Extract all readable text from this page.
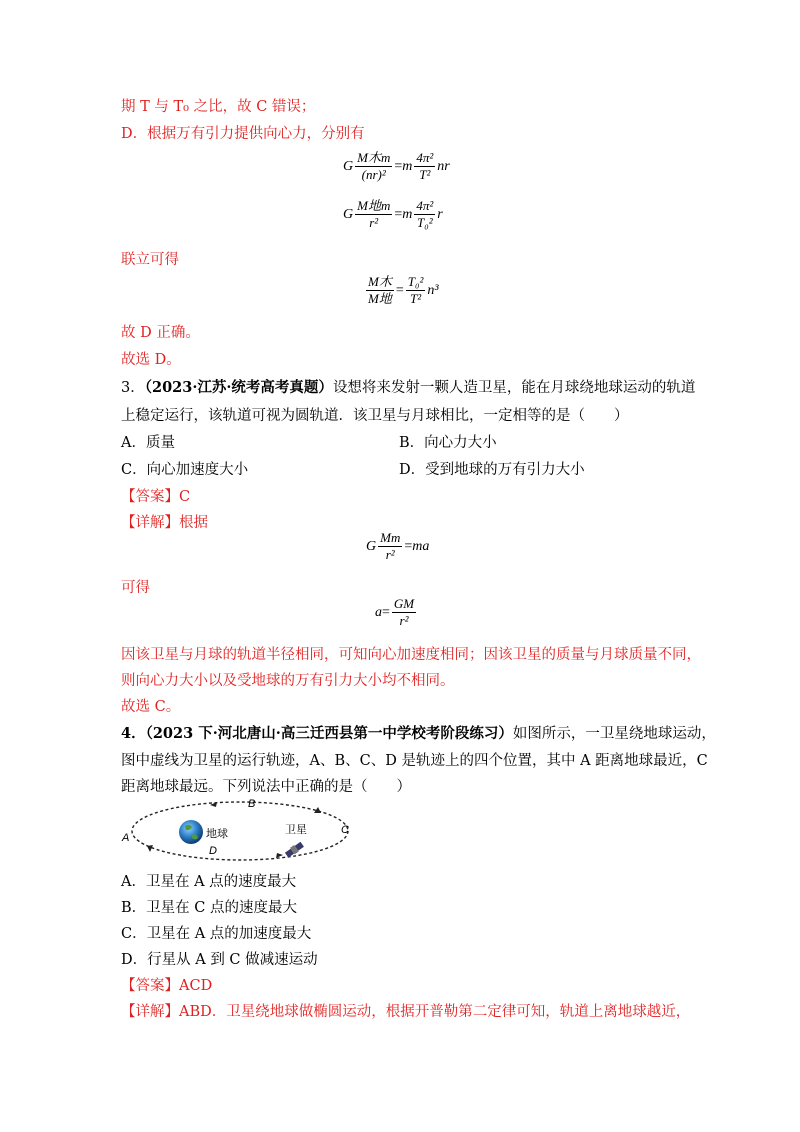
期 T 与 T₀ 之比，故 C 错误；
D．根据万有引力提供向心力，分别有
G $\frac{\text{M木m}}{\text{(nr)²}} =m \frac{\text{4π²}}{\text{T²}}$ nr
G $\frac{\text{M地m}}{\text{r²}} =m \frac{\text{4π²}}{\text{T₀²}}$ r
联立可得
$\frac{\text{M木}}{\text{M地}} = \frac{\text{T₀²}}{\text{T²}} n^3$
故 D 正确。
故选 D。
3．（2023·江苏·统考高考真题）设想将来发射一颗人造卫星，能在月球绕地球运动的轨道
上稳定运行，该轨道可视为圆轨道．该卫星与月球相比，一定相等的是（　　）
A．质量	B．向心力大小
C．向心加速度大小	D．受到地球的万有引力大小
【答案】C
【详解】根据
G $\frac{Mm}{\text{r²}} =ma$
可得
$a= \frac{GM}{\text{r²}}$
因该卫星与月球的轨道半径相同，可知向心加速度相同；因该卫星的质量与月球质量不同，
则向心力大小以及受地球的万有引力大小均不相同。
故选 C。
4．（2023 下·河北唐山·高三迁西县第一中学校考阶段练习）如图所示，一卫星绕地球运动，
图中虚线为卫星的运行轨迹，A、B、C、D 是轨迹上的四个位置，其中 A 距离地球最近，C
距离地球最远。下列说法中正确的是（　　）
A
B
C
D
地球	卫星
A．卫星在 A 点的速度最大
B．卫星在 C 点的速度最大
C．卫星在 A 点的加速度最大
D．行星从 A 到 C 做减速运动
【答案】ACD
【详解】ABD．卫星绕地球做椭圆运动，根据开普勒第二定律可知，轨道上离地球越近，
